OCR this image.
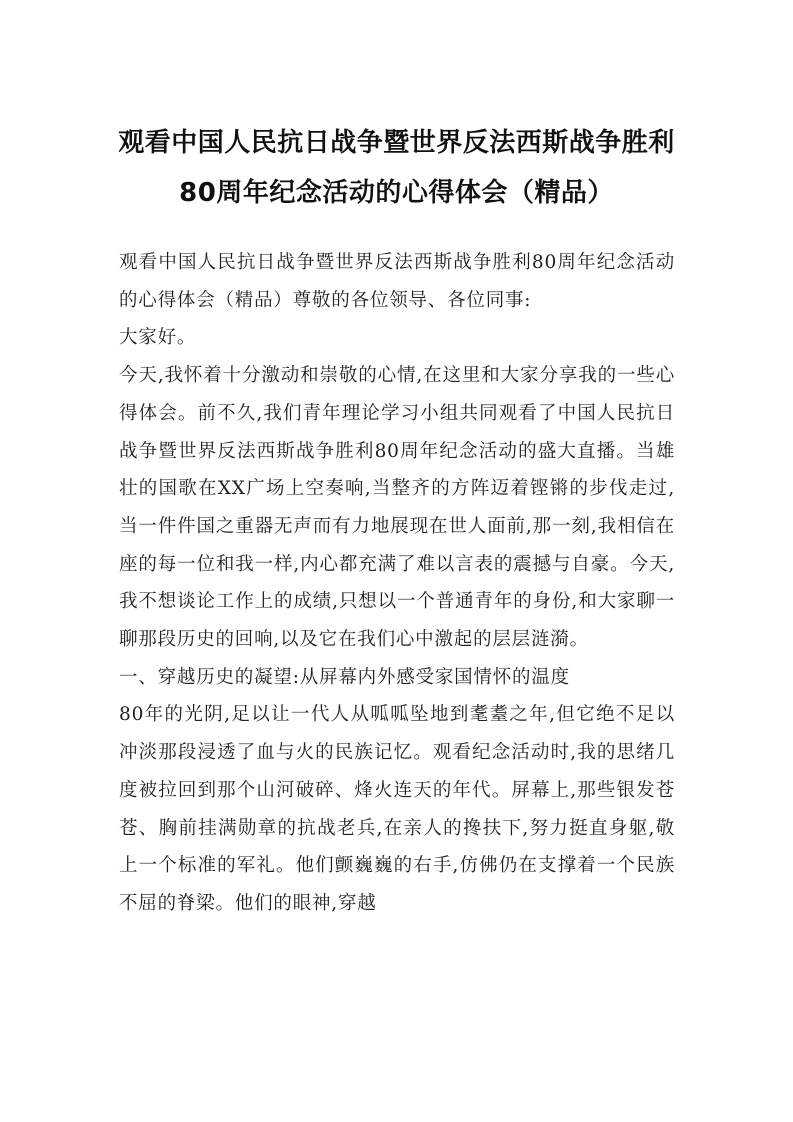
观看中国人民抗日战争暨世界反法西斯战争胜利80周年纪念活动的心得体会（精品）

观看中国人民抗日战争暨世界反法西斯战争胜利80周年纪念活动的心得体会（精品）尊敬的各位领导、各位同事:

大家好。

今天,我怀着十分激动和崇敬的心情,在这里和大家分享我的一些心得体会。前不久,我们青年理论学习小组共同观看了中国人民抗日战争暨世界反法西斯战争胜利80周年纪念活动的盛大直播。当雄壮的国歌在XX广场上空奏响,当整齐的方阵迈着铿锵的步伐走过,当一件件国之重器无声而有力地展现在世人面前,那一刻,我相信在座的每一位和我一样,内心都充满了难以言表的震撼与自豪。今天,我不想谈论工作上的成绩,只想以一个普通青年的身份,和大家聊一聊那段历史的回响,以及它在我们心中激起的层层涟漪。

一、穿越历史的凝望:从屏幕内外感受家国情怀的温度

80年的光阴,足以让一代人从呱呱坠地到耄耋之年,但它绝不足以冲淡那段浸透了血与火的民族记忆。观看纪念活动时,我的思绪几度被拉回到那个山河破碎、烽火连天的年代。屏幕上,那些银发苍苍、胸前挂满勋章的抗战老兵,在亲人的搀扶下,努力挺直身躯,敬上一个标准的军礼。他们颤巍巍的右手,仿佛仍在支撑着一个民族不屈的脊梁。他们的眼神,穿越
